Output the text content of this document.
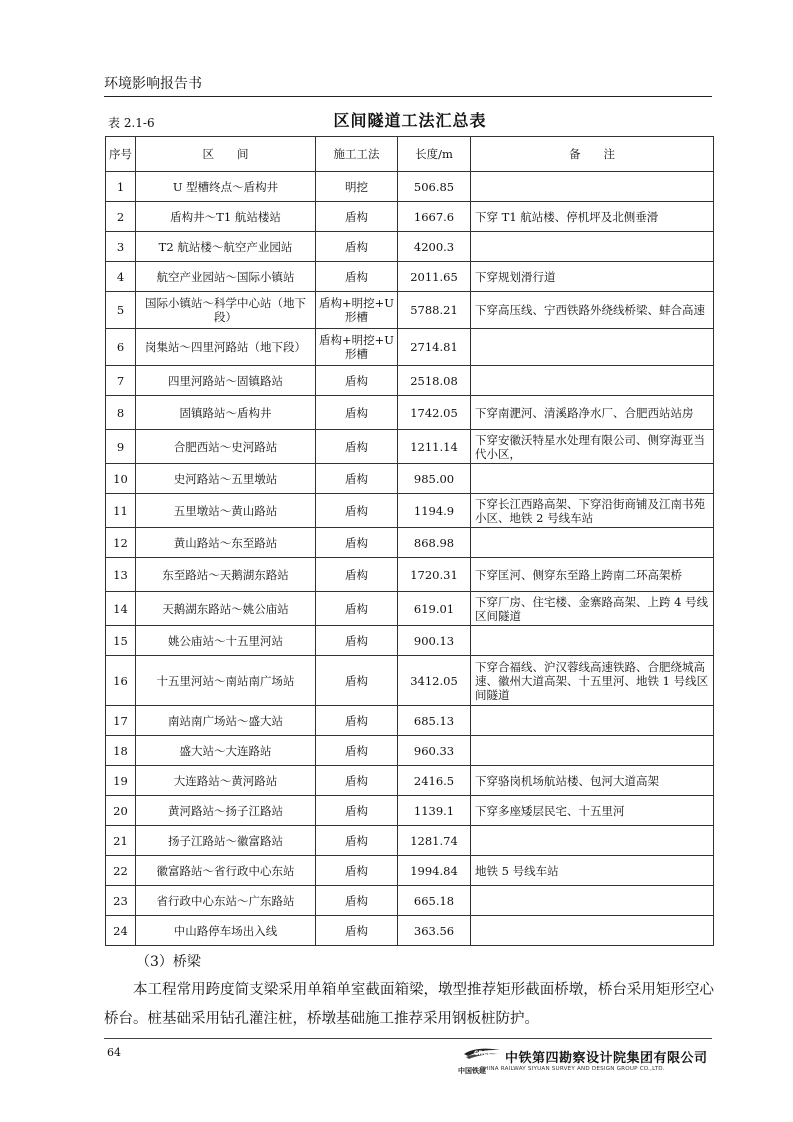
环境影响报告书
表 2.1-6	区间隧道工法汇总表
序号	区　　间	施工工法	长度/m	备　　注
1	U 型槽终点～盾构井	明挖	506.85	
2	盾构井～T1 航站楼站	盾构	1667.6	下穿 T1 航站楼、停机坪及北侧垂滑
3	T2 航站楼～航空产业园站	盾构	4200.3	
4	航空产业园站～国际小镇站	盾构	2011.65	下穿规划滑行道
5	国际小镇站～科学中心站（地下段）	盾构+明挖+U 形槽	5788.21	下穿高压线、宁西铁路外绕线桥梁、蚌合高速
6	岗集站～四里河路站（地下段）	盾构+明挖+U 形槽	2714.81	
7	四里河路站～固镇路站	盾构	2518.08	
8	固镇路站～盾构井	盾构	1742.05	下穿南淝河、清溪路净水厂、合肥西站站房
9	合肥西站～史河路站	盾构	1211.14	下穿安徽沃特星水处理有限公司、侧穿海亚当代小区，
10	史河路站～五里墩站	盾构	985.00	
11	五里墩站～黄山路站	盾构	1194.9	下穿长江西路高架、下穿沿街商铺及江南书苑小区、地铁 2 号线车站
12	黄山路站～东至路站	盾构	868.98	
13	东至路站～天鹅湖东路站	盾构	1720.31	下穿匡河、侧穿东至路上跨南二环高架桥
14	天鹅湖东路站～姚公庙站	盾构	619.01	下穿厂房、住宅楼、金寨路高架、上跨 4 号线区间隧道
15	姚公庙站～十五里河站	盾构	900.13	
16	十五里河站～南站南广场站	盾构	3412.05	下穿合福线、沪汉蓉线高速铁路、合肥绕城高速、徽州大道高架、十五里河、地铁 1 号线区间隧道
17	南站南广场站～盛大站	盾构	685.13	
18	盛大站～大连路站	盾构	960.33	
19	大连路站～黄河路站	盾构	2416.5	下穿骆岗机场航站楼、包河大道高架
20	黄河路站～扬子江路站	盾构	1139.1	下穿多座矮层民宅、十五里河
21	扬子江路站～徽富路站	盾构	1281.74	
22	徽富路站～省行政中心东站	盾构	1994.84	地铁 5 号线车站
23	省行政中心东站～广东路站	盾构	665.18	
24	中山路停车场出入线	盾构	363.56	
（3）桥梁
本工程常用跨度简支梁采用单箱单室截面箱梁，墩型推荐矩形截面桥墩，桥台采用矩形空心桥台。桩基础采用钻孔灌注桩，桥墩基础施工推荐采用钢板桩防护。
64	CRCC
中国铁建
中铁第四勘察设计院集团有限公司
CHINA RAILWAY SIYUAN SURVEY AND DESIGN GROUP CO.,LTD.
